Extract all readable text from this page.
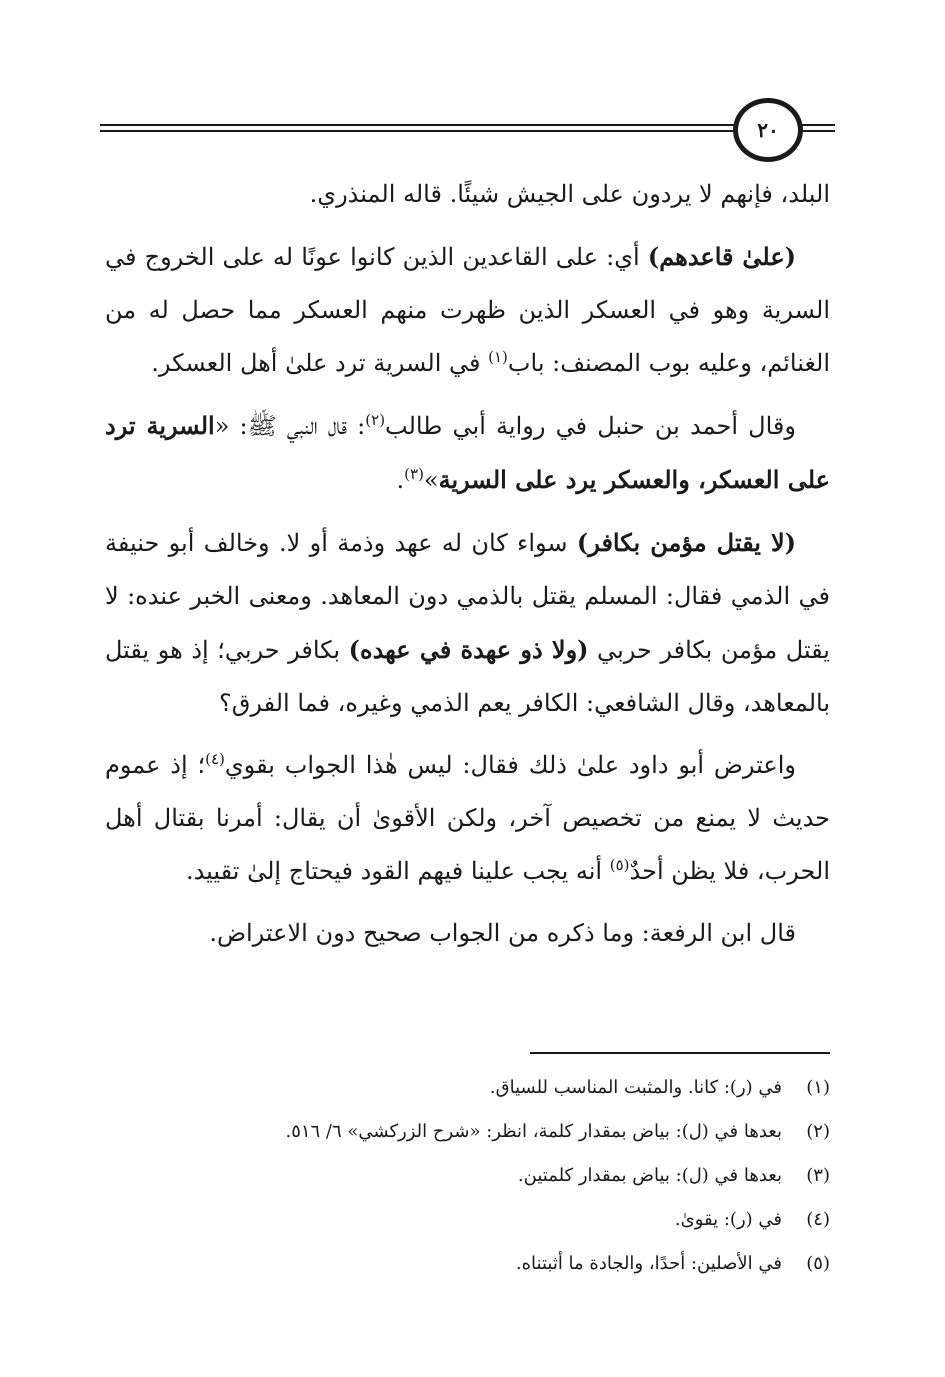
٢٠

البلد، فإنهم لا يردون على الجيش شيئًا. قاله المنذري.

(علىٰ قاعدهم) أي: على القاعدين الذين كانوا عونًا له على الخروج في السرية وهو في العسكر الذين ظهرت منهم العسكر مما حصل له من الغنائم، وعليه بوب المصنف: باب$^{(١)}$ في السرية ترد علىٰ أهل العسكر.

وقال أحمد بن حنبل في رواية أبي طالب$^{(٢)}$: قال النبي ﷺ: «السرية ترد على العسكر، والعسكر يرد على السرية»$^{(٣)}$.

(لا يقتل مؤمن بكافر) سواء كان له عهد وذمة أو لا. وخالف أبو حنيفة في الذمي فقال: المسلم يقتل بالذمي دون المعاهد. ومعنى الخبر عنده: لا يقتل مؤمن بكافر حربي (ولا ذو عهدة في عهده) بكافر حربي؛ إذ هو يقتل بالمعاهد، وقال الشافعي: الكافر يعم الذمي وغيره، فما الفرق؟

واعترض أبو داود علىٰ ذلك فقال: ليس هٰذا الجواب بقوي$^{(٤)}$؛ إذ عموم حديث لا يمنع من تخصيص آخر، ولكن الأقوىٰ أن يقال: أمرنا بقتال أهل الحرب، فلا يظن أحدٌ$^{(٥)}$ أنه يجب علينا فيهم القود فيحتاج إلىٰ تقييد.

قال ابن الرفعة: وما ذكره من الجواب صحيح دون الاعتراض.

(١)
في (ر): كانا. والمثبت المناسب للسياق.
(٢)
بعدها في (ل): بياض بمقدار كلمة، انظر: «شرح الزركشي» ٦/ ٥١٦.
(٣)
بعدها في (ل): بياض بمقدار كلمتين.
(٤)
في (ر): يقوىٰ.
(٥)
في الأصلين: أحدًا، والجادة ما أثبتناه.
